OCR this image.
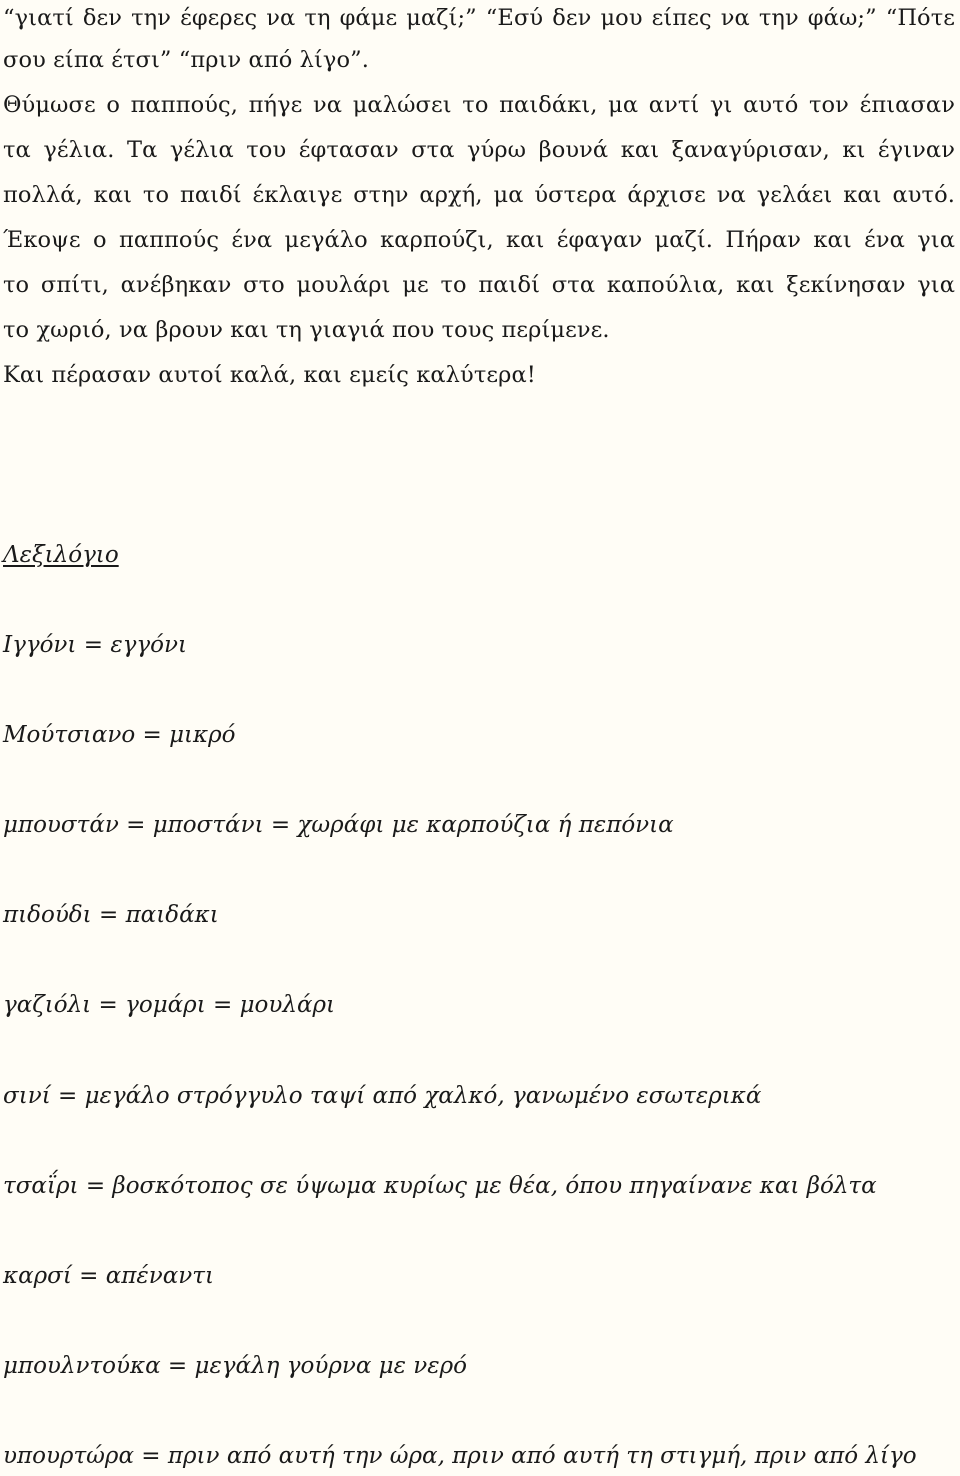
“γιατί δεν την έφερες να τη φάμε μαζί;” “Εσύ δεν μου είπες να την φάω;” “Πότε
σου είπα έτσι” “πριν από λίγο”.
Θύμωσε ο παππούς, πήγε να μαλώσει το παιδάκι, μα αντί γι αυτό τον έπιασαν
τα γέλια. Τα γέλια του έφτασαν στα γύρω βουνά και ξαναγύρισαν, κι έγιναν
πολλά, και το παιδί έκλαιγε στην αρχή, μα ύστερα άρχισε να γελάει και αυτό.
Έκοψε ο παππούς ένα μεγάλο καρπούζι, και έφαγαν μαζί. Πήραν και ένα για
το σπίτι, ανέβηκαν στο μουλάρι με το παιδί στα καπούλια, και ξεκίνησαν για
το χωριό, να βρουν και τη γιαγιά που τους περίμενε.
Και πέρασαν αυτοί καλά, και εμείς καλύτερα!
Λεξιλόγιο
Ιγγόνι = εγγόνι
Μούτσιανο = μικρό
μπουστάν = μποστάνι = χωράφι με καρπούζια ή πεπόνια
πιδούδι = παιδάκι
γαζιόλι = γομάρι = μουλάρι
σινί = μεγάλο στρόγγυλο ταψί από χαλκό, γανωμένο εσωτερικά
τσαΐρι = βοσκότοπος σε ύψωμα κυρίως με θέα, όπου πηγαίνανε και βόλτα
καρσί = απέναντι
μπουλντούκα = μεγάλη γούρνα με νερό
υπουρτώρα = πριν από αυτή την ώρα, πριν από αυτή τη στιγμή, πριν από λίγο
